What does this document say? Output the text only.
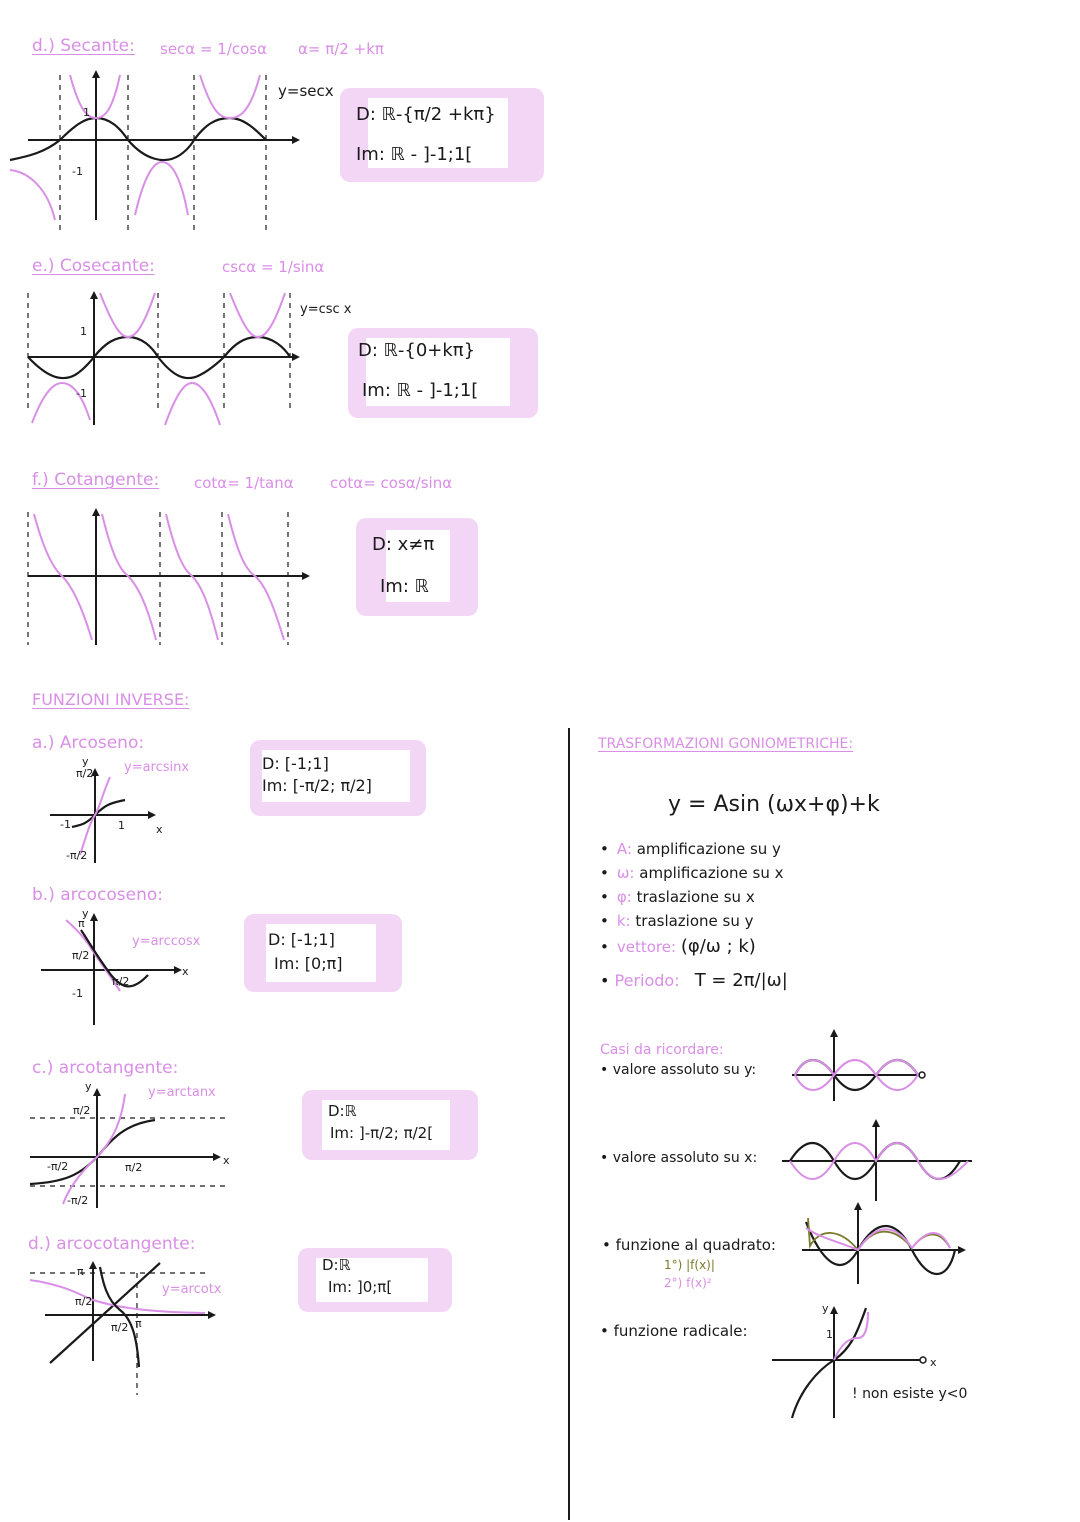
d.) Secante: secα = 1/cosα α= π/2 +kπ
1
-1
y=secx
D: ℝ-{π/2 +kπ}
Im: ℝ - ]-1;1[
e.) Cosecante:	cscα = 1/sinα
1
-1
y=csc x
D: ℝ-{0+kπ}
Im: ℝ - ]-1;1[
f.) Cotangente: cotα= 1/tanα cotα= cosα/sinα
D: x≠π
Im: ℝ
FUNZIONI INVERSE:
a.) Arcoseno:
π/2
-π/2
-1	1	x
y	y=arcsinx	D: [-1;1]
Im: [-π/2; π/2]
b.) arcocoseno:
π
π/2
π/2
-1
x
y
y=arccosx	D: [-1;1]
Im: [0;π]
c.) arcotangente:
π/2
-π/2	π/2
-π/2
x
y	y=arctanx
D:ℝ
Im: ]-π/2; π/2[
d.) arcocotangente:
π
π/2
π/2 π
y=arcotx
D:ℝ
Im: ]0;π[
TRASFORMAZIONI GONIOMETRICHE:
y = Asin (ωx+φ)+k
• A: amplificazione su y
• ω: amplificazione su x
• φ: traslazione su x
• k: traslazione su y
• vettore: (φ/ω ; k)
• Periodo: T = 2π/|ω|
Casi da ricordare:
• valore assoluto su y:
• valore assoluto su x:
• funzione al quadrato:
1°) |f(x)|
2°) f(x)²
• funzione radicale:
y
1
x
! non esiste y<0
